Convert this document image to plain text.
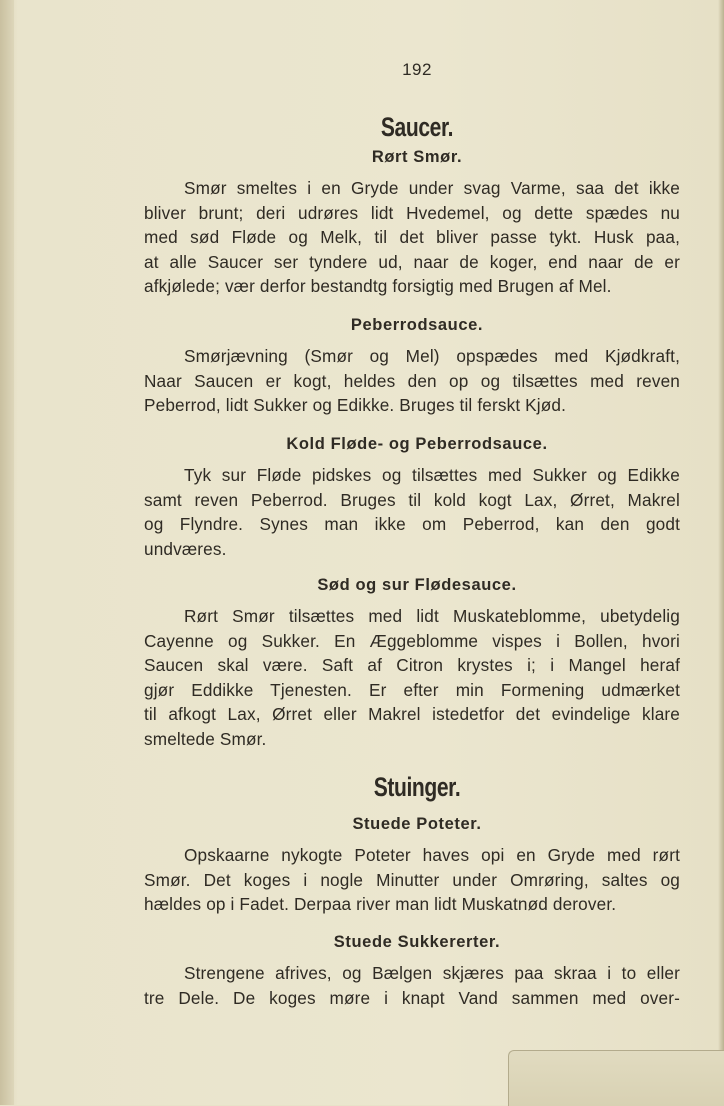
192
Saucer.
Rørt Smør.
Smør smeltes i en Gryde under svag Varme, saa det ikke
bliver brunt; deri udrøres lidt Hvedemel, og dette spædes nu
med sød Fløde og Melk, til det bliver passe tykt. Husk paa,
at alle Saucer ser tyndere ud, naar de koger, end naar de er
afkjølede; vær derfor bestandtg forsigtig med Brugen af Mel.
Peberrodsauce.
Smørjævning (Smør og Mel) opspædes med Kjødkraft,
Naar Saucen er kogt, heldes den op og tilsættes med reven
Peberrod, lidt Sukker og Edikke. Bruges til ferskt Kjød.
Kold Fløde- og Peberrodsauce.
Tyk sur Fløde pidskes og tilsættes med Sukker og Edikke
samt reven Peberrod. Bruges til kold kogt Lax, Ørret, Makrel
og Flyndre. Synes man ikke om Peberrod, kan den godt
undværes.
Sød og sur Flødesauce.
Rørt Smør tilsættes med lidt Muskateblomme, ubetydelig
Cayenne og Sukker. En Æggeblomme vispes i Bollen, hvori
Saucen skal være. Saft af Citron krystes i; i Mangel heraf
gjør Eddikke Tjenesten. Er efter min Formening udmærket
til afkogt Lax, Ørret eller Makrel istedetfor det evindelige klare
smeltede Smør.
Stuinger.
Stuede Poteter.
Opskaarne nykogte Poteter haves opi en Gryde med rørt
Smør. Det koges i nogle Minutter under Omrøring, saltes og
hældes op i Fadet. Derpaa river man lidt Muskatnød derover.
Stuede Sukkererter.
Strengene afrives, og Bælgen skjæres paa skraa i to eller
tre Dele. De koges møre i knapt Vand sammen med over-
